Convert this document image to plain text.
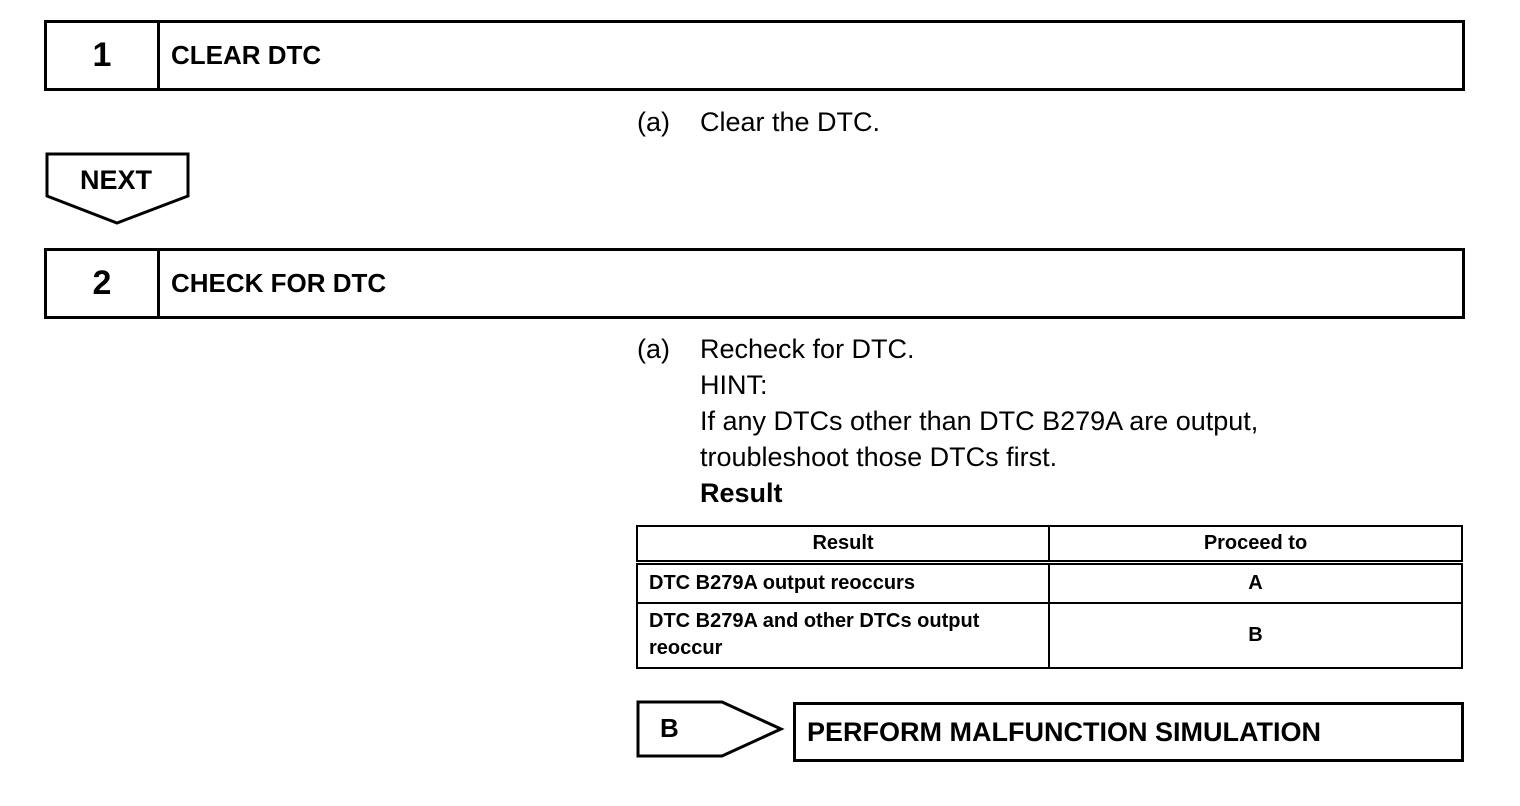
1	CLEAR DTC
(a) Clear the DTC.
NEXT
2	CHECK FOR DTC
(a) Recheck for DTC.
HINT:
If any DTCs other than DTC B279A are output,
troubleshoot those DTCs first.
Result
Result	Proceed to
DTC B279A output reoccurs	A
DTC B279A and other DTCs output reoccur	B
B	PERFORM MALFUNCTION SIMULATION
